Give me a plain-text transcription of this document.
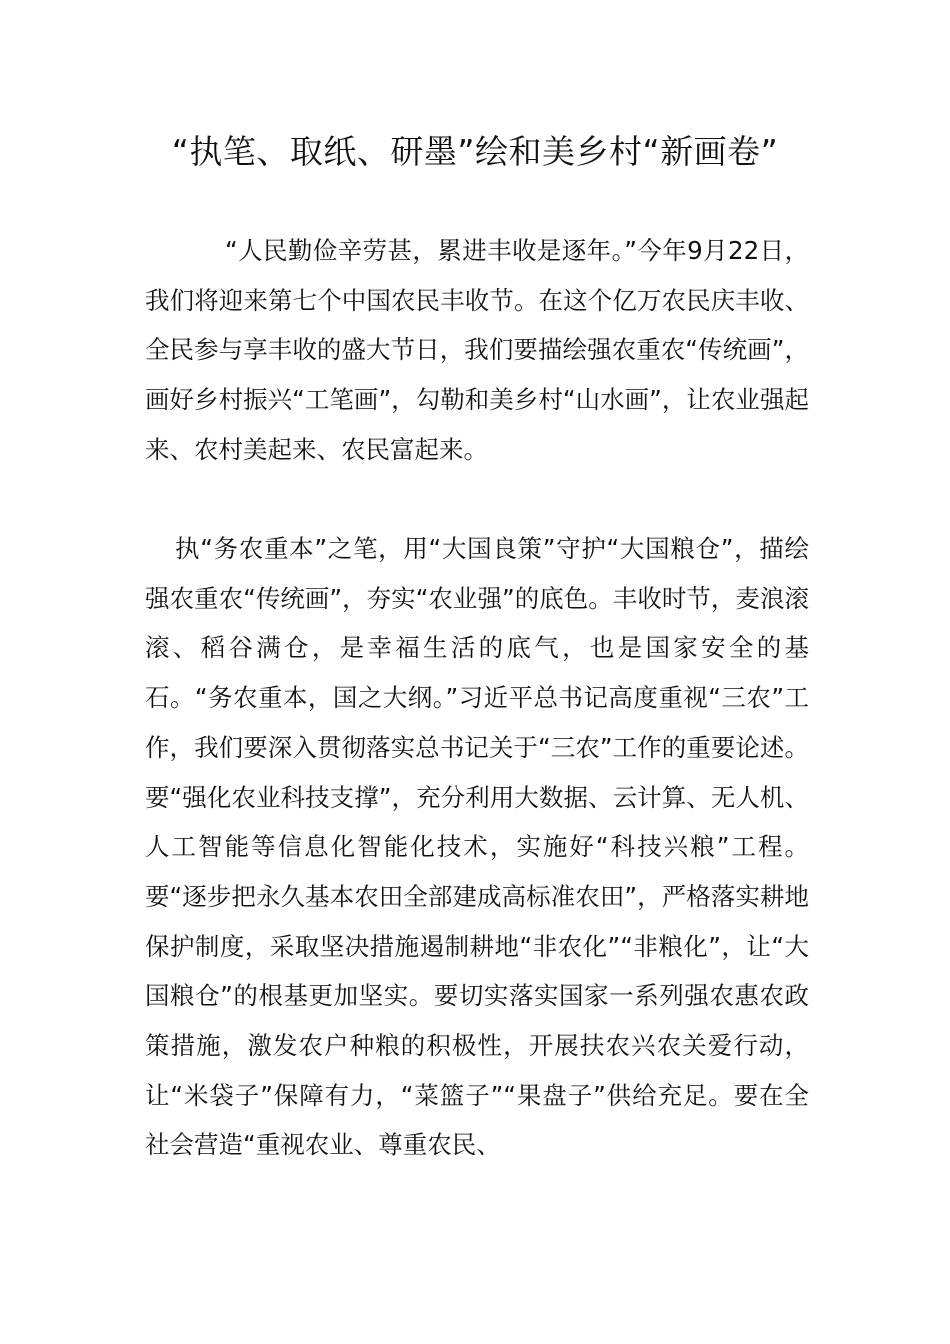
“执笔、取纸、研墨”绘和美乡村“新画卷”

“人民勤俭辛劳甚，累进丰收是逐年。”今年9月22日，我们将迎来第七个中国农民丰收节。在这个亿万农民庆丰收、全民参与享丰收的盛大节日，我们要描绘强农重农“传统画”，画好乡村振兴“工笔画”，勾勒和美乡村“山水画”，让农业强起来、农村美起来、农民富起来。

执“务农重本”之笔，用“大国良策”守护“大国粮仓”，描绘强农重农“传统画”，夯实“农业强”的底色。丰收时节，麦浪滚滚、稻谷满仓，是幸福生活的底气，也是国家安全的基石。“务农重本，国之大纲。”习近平总书记高度重视“三农”工作，我们要深入贯彻落实总书记关于“三农”工作的重要论述。要“强化农业科技支撑”，充分利用大数据、云计算、无人机、人工智能等信息化智能化技术，实施好“科技兴粮”工程。要“逐步把永久基本农田全部建成高标准农田”，严格落实耕地保护制度，采取坚决措施遏制耕地“非农化”“非粮化”，让“大国粮仓”的根基更加坚实。要切实落实国家一系列强农惠农政策措施，激发农户种粮的积极性，开展扶农兴农关爱行动，让“米袋子”保障有力，“菜篮子”“果盘子”供给充足。要在全社会营造“重视农业、尊重农民、
